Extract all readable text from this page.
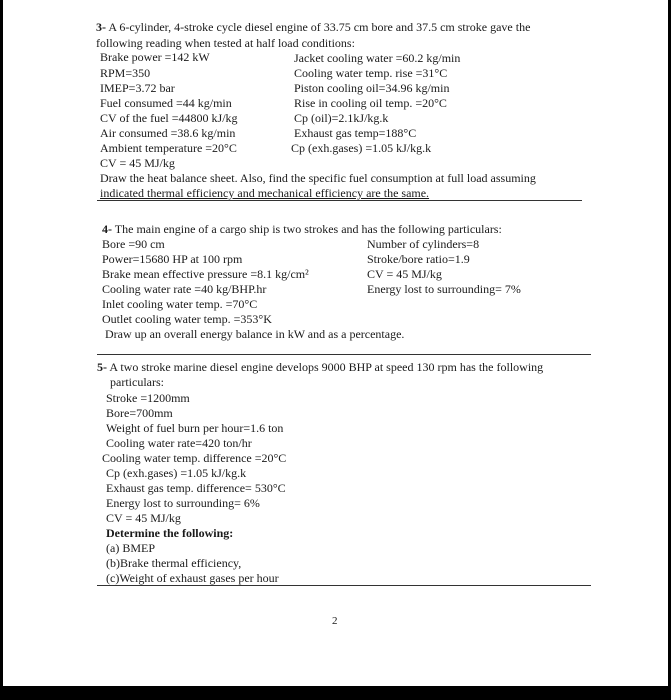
3- A 6-cylinder, 4-stroke cycle diesel engine of 33.75 cm bore and 37.5 cm stroke gave the
following reading when tested at half load conditions:
Brake power =142 kW
RPM=350
IMEP=3.72 bar
Fuel consumed =44 kg/min
CV of the fuel =44800 kJ/kg
Air consumed =38.6 kg/min
Ambient temperature =20°C
CV = 45 MJ/kg
Jacket cooling water =60.2 kg/min
Cooling water temp. rise =31°C
Piston cooling oil=34.96 kg/min
Rise in cooling oil temp. =20°C
Cp (oil)=2.1kJ/kg.k
Exhaust gas temp=188°C
Cp (exh.gases) =1.05 kJ/kg.k
Draw the heat balance sheet. Also, find the specific fuel consumption at full load assuming
indicated thermal efficiency and mechanical efficiency are the same.
4- The main engine of a cargo ship is two strokes and has the following particulars:
Bore =90 cm
Power=15680 HP at 100 rpm
Brake mean effective pressure =8.1 kg/cm²
Cooling water rate =40 kg/BHP.hr
Inlet cooling water temp. =70°C
Outlet cooling water temp. =353°K
Number of cylinders=8
Stroke/bore ratio=1.9
CV = 45 MJ/kg
Energy lost to surrounding= 7%
Draw up an overall energy balance in kW and as a percentage.
5- A two stroke marine diesel engine develops 9000 BHP at speed 130 rpm has the following
particulars:
Stroke =1200mm
Bore=700mm
Weight of fuel burn per hour=1.6 ton
Cooling water rate=420 ton/hr
Cooling water temp. difference =20°C
Cp (exh.gases) =1.05 kJ/kg.k
Exhaust gas temp. difference= 530°C
Energy lost to surrounding= 6%
CV = 45 MJ/kg
Determine the following:
(a) BMEP
(b)Brake thermal efficiency,
(c)Weight of exhaust gases per hour
2
